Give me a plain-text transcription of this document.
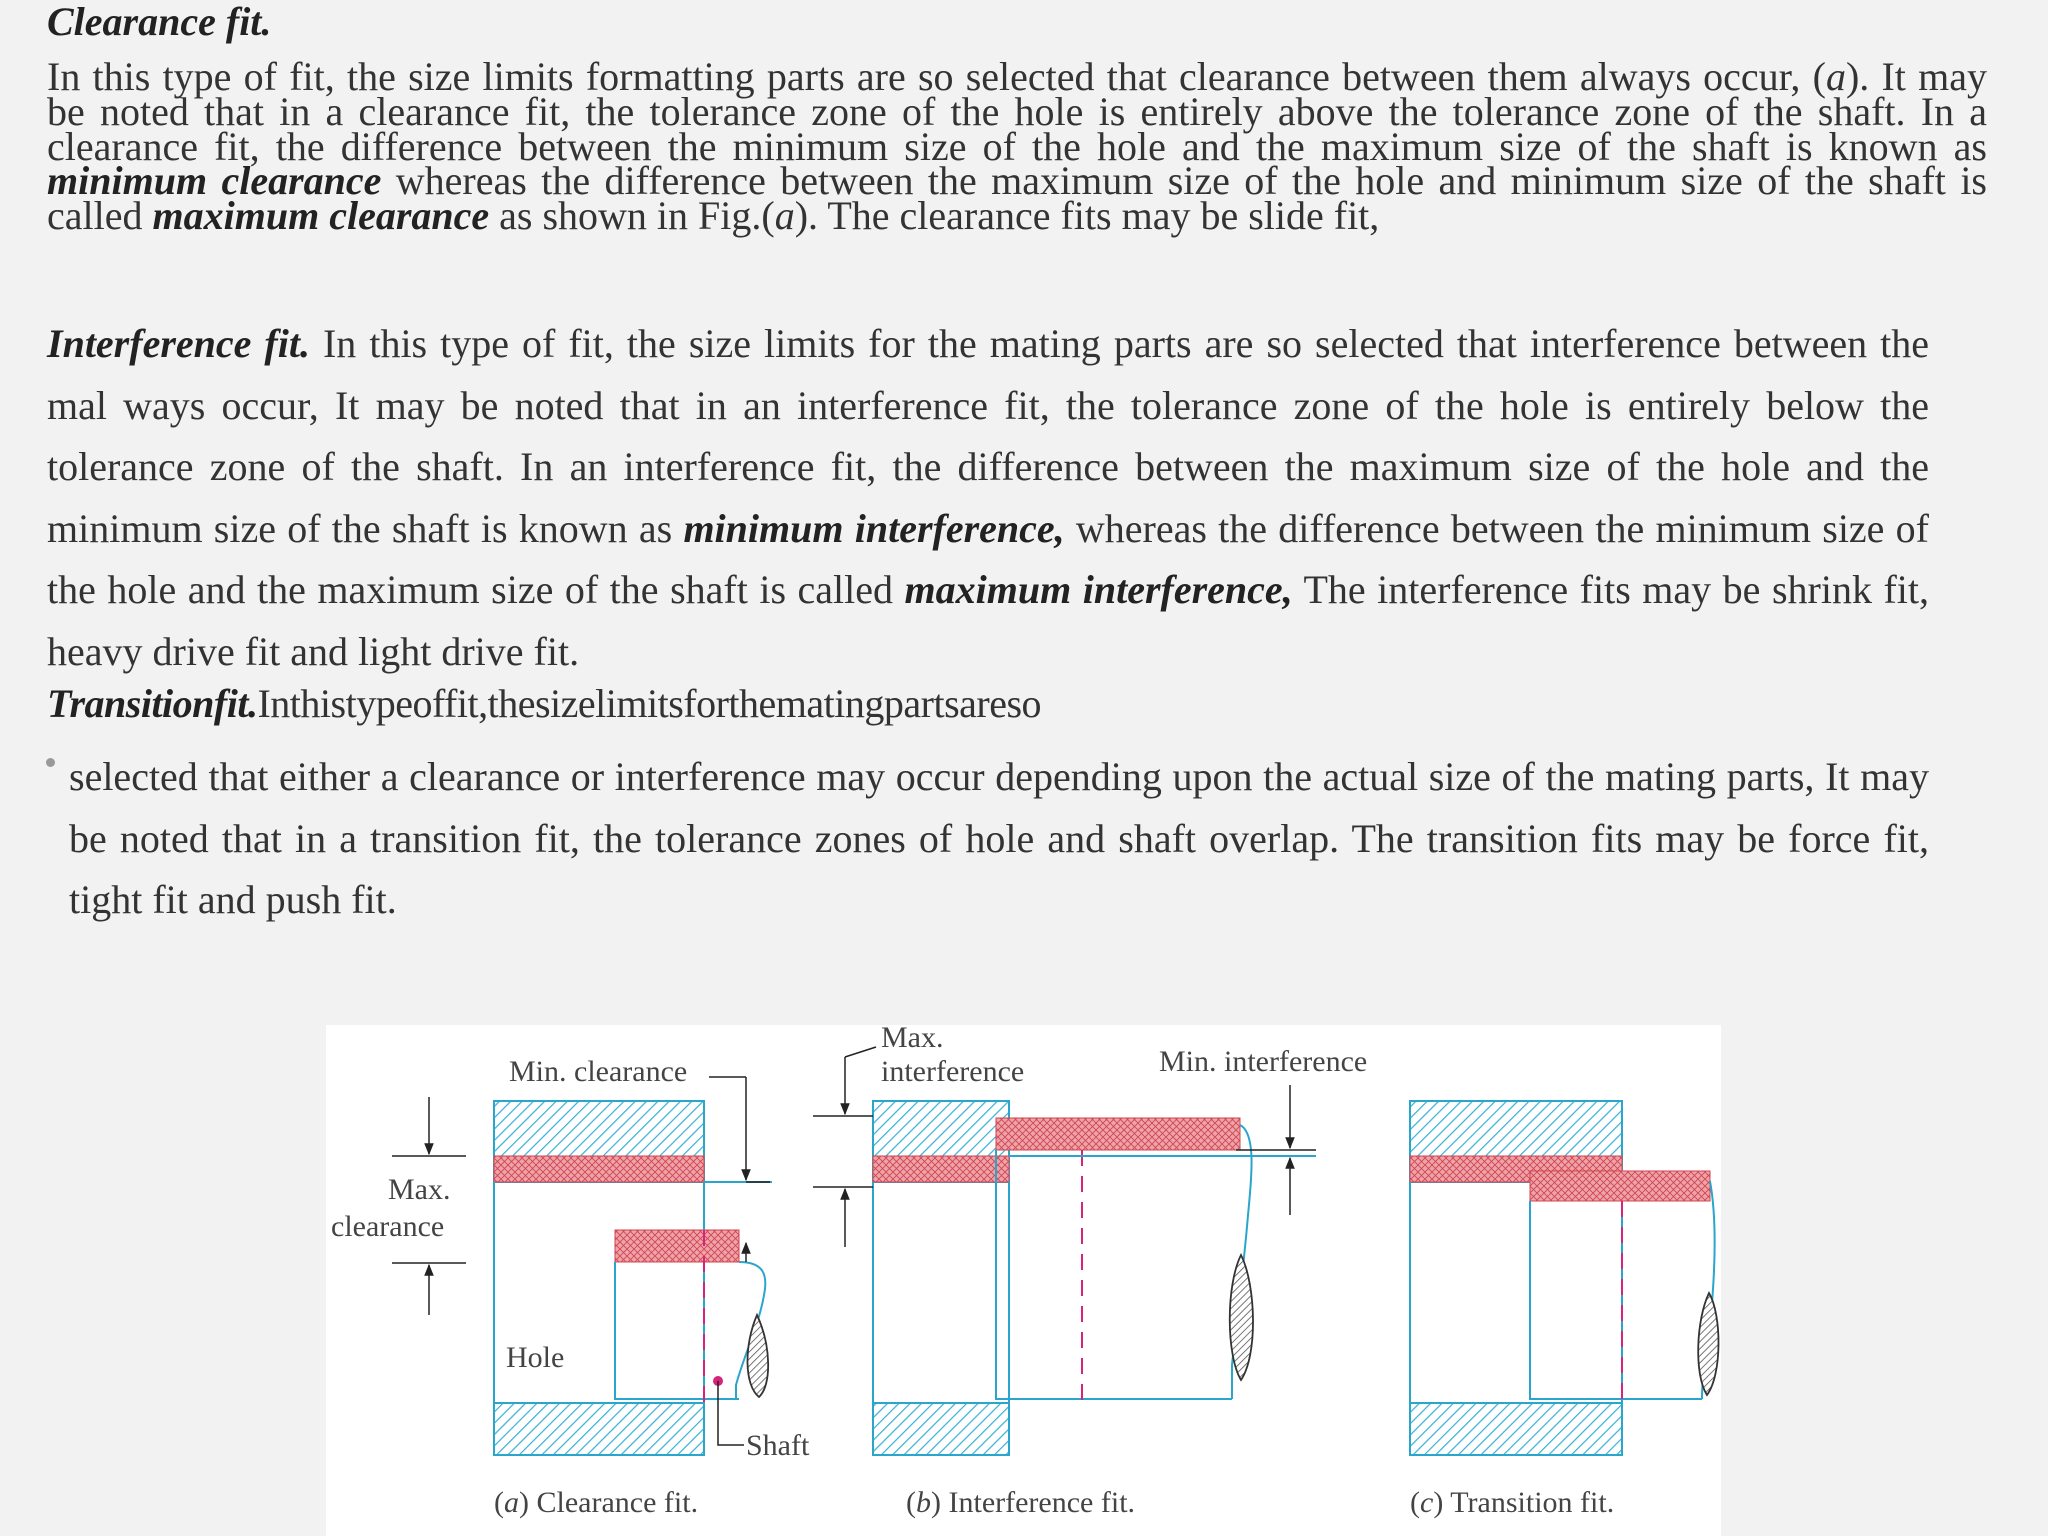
Clearance fit.

In this type of fit, the size limits formatting parts are so selected that clearance between them always occur, (a). It may be noted that in a clearance fit, the tolerance zone of the hole is entirely above the tolerance zone of the shaft. In a clearance fit, the difference between the minimum size of the hole and the maximum size of the shaft is known as minimum clearance whereas the difference between the maximum size of the hole and minimum size of the shaft is called maximum clearance as shown in Fig.(a). The clearance fits may be slide fit,

Interference fit. In this type of fit, the size limits for the mating parts are so selected that interference between the mal ways occur, It may be noted that in an interference fit, the tolerance zone of the hole is entirely below the tolerance zone of the shaft. In an interference fit, the difference between the maximum size of the hole and the minimum size of the shaft is known as minimum interference, whereas the difference between the minimum size of the hole and the maximum size of the shaft is called maximum interference, The interference fits may be shrink fit, heavy drive fit and light drive fit.

Transitionfit.Inthistypeoffit,thesizelimitsforthematingpartsareso

selected that either a clearance or interference may occur depending upon the actual size of the mating parts, It may be noted that in a transition fit, the tolerance zones of hole and shaft overlap. The transition fits may be force fit, tight fit and push fit.

Min. clearance
Max.
clearance
Hole
Shaft
(a) Clearance fit.
Max.
interference	Min. interference
(b) Interference fit.	(c) Transition fit.
